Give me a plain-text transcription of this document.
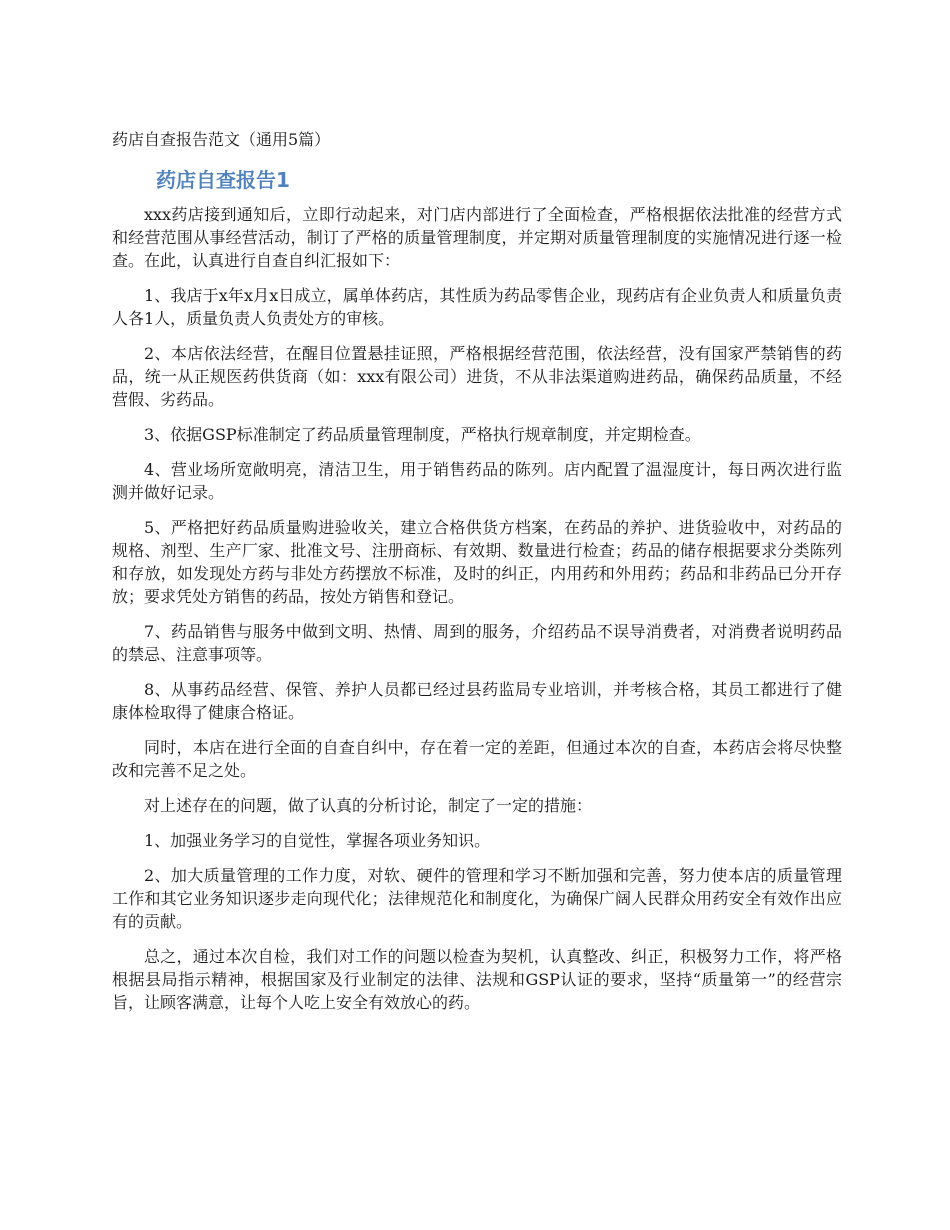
药店自查报告范文（通用5篇）
药店自查报告1

xxx药店接到通知后，立即行动起来，对门店内部进行了全面检查，严格根据依法批准的经营方式和经营范围从事经营活动，制订了严格的质量管理制度，并定期对质量管理制度的实施情况进行逐一检查。在此，认真进行自查自纠汇报如下：

1、我店于x年x月x日成立，属单体药店，其性质为药品零售企业，现药店有企业负责人和质量负责人各1人，质量负责人负责处方的审核。

2、本店依法经营，在醒目位置悬挂证照，严格根据经营范围，依法经营，没有国家严禁销售的药品，统一从正规医药供货商（如：xxx有限公司）进货，不从非法渠道购进药品，确保药品质量，不经营假、劣药品。

3、依据GSP标准制定了药品质量管理制度，严格执行规章制度，并定期检查。

4、营业场所宽敞明亮，清洁卫生，用于销售药品的陈列。店内配置了温湿度计，每日两次进行监测并做好记录。

5、严格把好药品质量购进验收关，建立合格供货方档案，在药品的养护、进货验收中，对药品的规格、剂型、生产厂家、批准文号、注册商标、有效期、数量进行检查；药品的储存根据要求分类陈列和存放，如发现处方药与非处方药摆放不标准，及时的纠正，内用药和外用药；药品和非药品已分开存放；要求凭处方销售的药品，按处方销售和登记。

7、药品销售与服务中做到文明、热情、周到的服务，介绍药品不误导消费者，对消费者说明药品的禁忌、注意事项等。

8、从事药品经营、保管、养护人员都已经过县药监局专业培训，并考核合格，其员工都进行了健康体检取得了健康合格证。

同时，本店在进行全面的自查自纠中，存在着一定的差距，但通过本次的自查，本药店会将尽快整改和完善不足之处。

对上述存在的问题，做了认真的分析讨论，制定了一定的措施：

1、加强业务学习的自觉性，掌握各项业务知识。

2、加大质量管理的工作力度，对软、硬件的管理和学习不断加强和完善，努力使本店的质量管理工作和其它业务知识逐步走向现代化；法律规范化和制度化，为确保广阔人民群众用药安全有效作出应有的贡献。

总之，通过本次自检，我们对工作的问题以检查为契机，认真整改、纠正，积极努力工作，将严格根据县局指示精神，根据国家及行业制定的法律、法规和GSP认证的要求，坚持“质量第一”的经营宗旨，让顾客满意，让每个人吃上安全有效放心的药。
